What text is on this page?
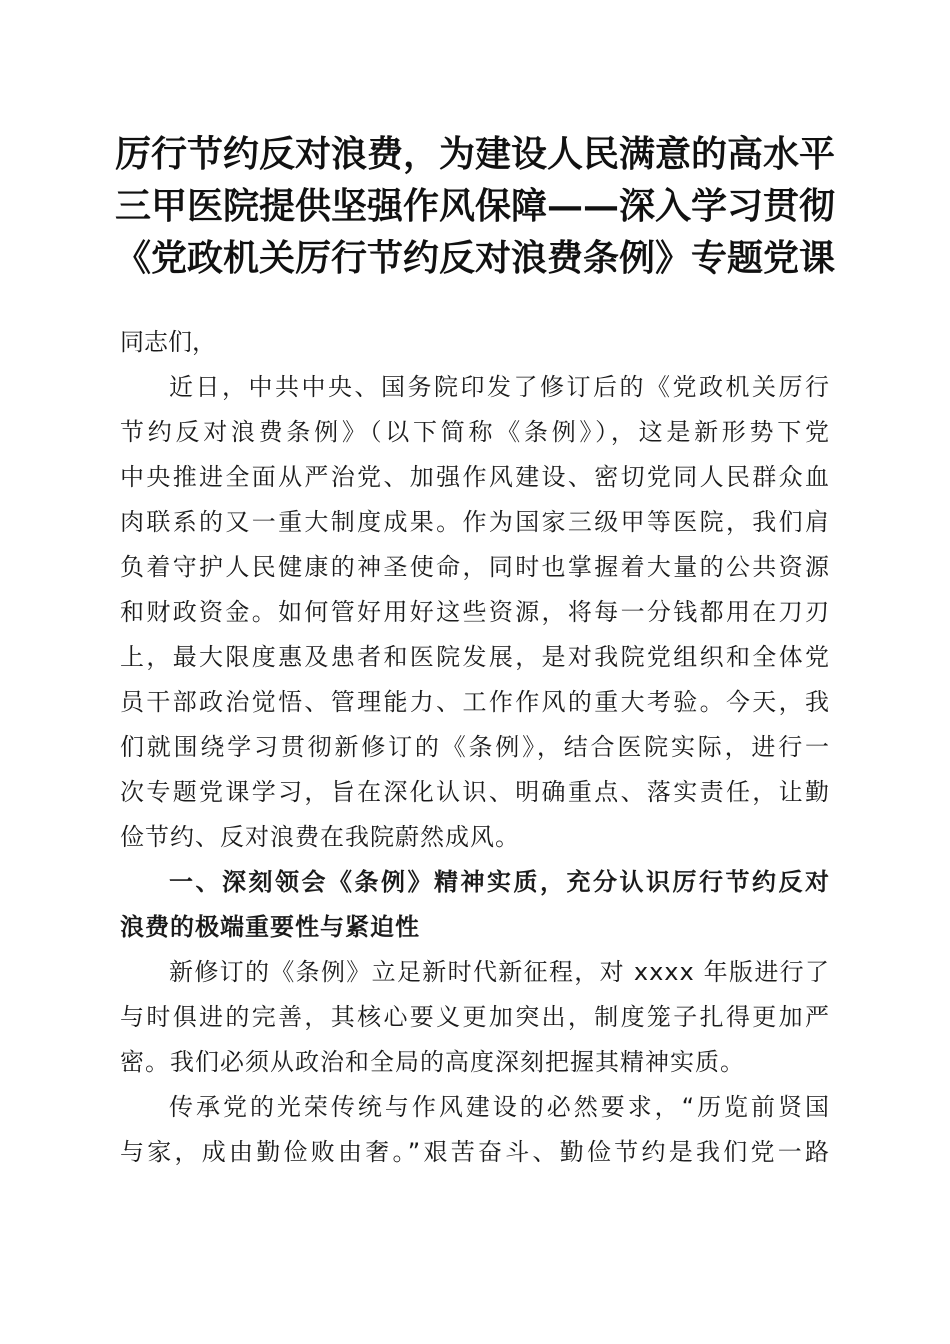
厉行节约反对浪费，为建设人民满意的高水平
三甲医院提供坚强作风保障——深入学习贯彻
《党政机关厉行节约反对浪费条例》专题党课
同志们，
近日，中共中央、国务院印发了修订后的《党政机关厉行
节约反对浪费条例》（以下简称《条例》），这是新形势下党
中央推进全面从严治党、加强作风建设、密切党同人民群众血
肉联系的又一重大制度成果。作为国家三级甲等医院，我们肩
负着守护人民健康的神圣使命，同时也掌握着大量的公共资源
和财政资金。如何管好用好这些资源，将每一分钱都用在刀刃
上，最大限度惠及患者和医院发展，是对我院党组织和全体党
员干部政治觉悟、管理能力、工作作风的重大考验。今天，我
们就围绕学习贯彻新修订的《条例》，结合医院实际，进行一
次专题党课学习，旨在深化认识、明确重点、落实责任，让勤
俭节约、反对浪费在我院蔚然成风。
一、深刻领会《条例》精神实质，充分认识厉行节约反对
浪费的极端重要性与紧迫性
新修订的《条例》立足新时代新征程，对 xxxx 年版进行了
与时俱进的完善，其核心要义更加突出，制度笼子扎得更加严
密。我们必须从政治和全局的高度深刻把握其精神实质。
传承党的光荣传统与作风建设的必然要求，“历览前贤国
与家，成由勤俭败由奢。”艰苦奋斗、勤俭节约是我们党一路
